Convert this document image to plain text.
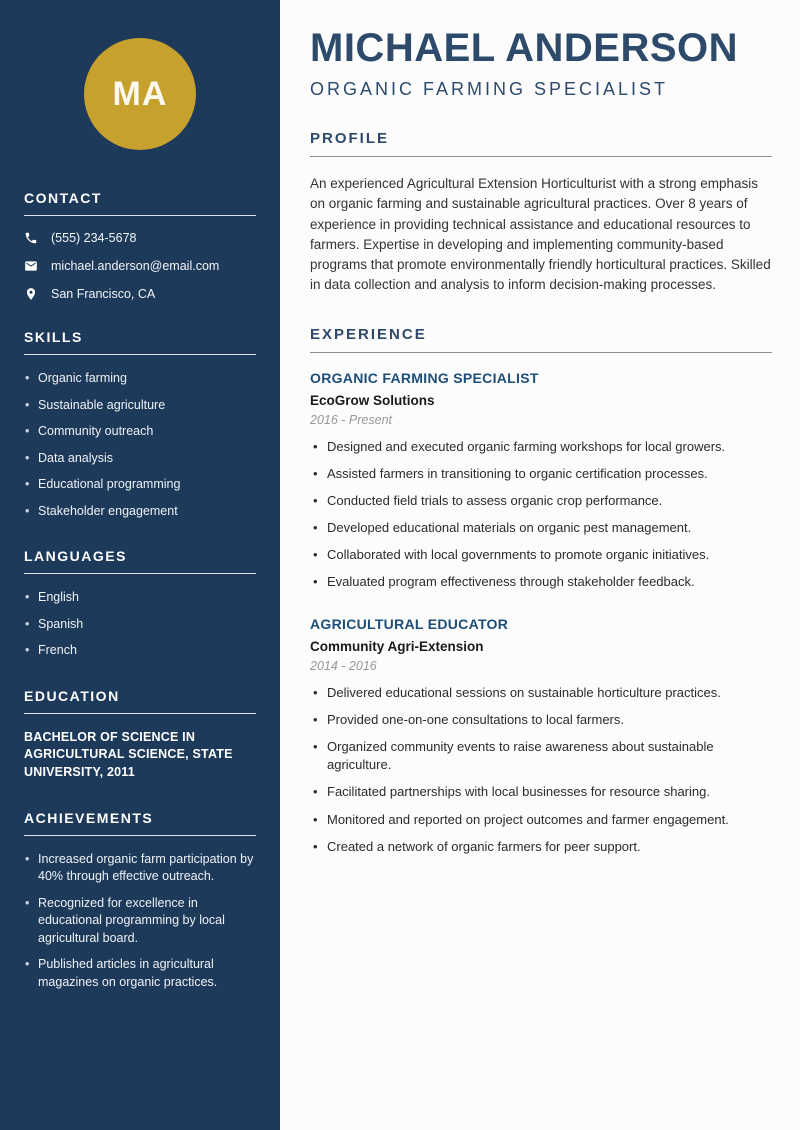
MA
CONTACT
(555) 234-5678
michael.anderson@email.com
San Francisco, CA
SKILLS
• Organic farming
• Sustainable agriculture
• Community outreach
• Data analysis
• Educational programming
• Stakeholder engagement
LANGUAGES
• English
• Spanish
• French
EDUCATION
BACHELOR OF SCIENCE IN AGRICULTURAL SCIENCE, STATE UNIVERSITY, 2011
ACHIEVEMENTS
• Increased organic farm participation by 40% through effective outreach.
• Recognized for excellence in educational programming by local agricultural board.
• Published articles in agricultural magazines on organic practices.
MICHAEL ANDERSON
ORGANIC FARMING SPECIALIST
PROFILE

An experienced Agricultural Extension Horticulturist with a strong emphasis on organic farming and sustainable agricultural practices. Over 8 years of experience in providing technical assistance and educational resources to farmers. Expertise in developing and implementing community-based programs that promote environmentally friendly horticultural practices. Skilled in data collection and analysis to inform decision-making processes.

EXPERIENCE
ORGANIC FARMING SPECIALIST
EcoGrow Solutions
2016 - Present
• Designed and executed organic farming workshops for local growers.
• Assisted farmers in transitioning to organic certification processes.
• Conducted field trials to assess organic crop performance.
• Developed educational materials on organic pest management.
• Collaborated with local governments to promote organic initiatives.
• Evaluated program effectiveness through stakeholder feedback.
AGRICULTURAL EDUCATOR
Community Agri-Extension
2014 - 2016
• Delivered educational sessions on sustainable horticulture practices.
• Provided one-on-one consultations to local farmers.
• Organized community events to raise awareness about sustainable agriculture.
• Facilitated partnerships with local businesses for resource sharing.
• Monitored and reported on project outcomes and farmer engagement.
• Created a network of organic farmers for peer support.
